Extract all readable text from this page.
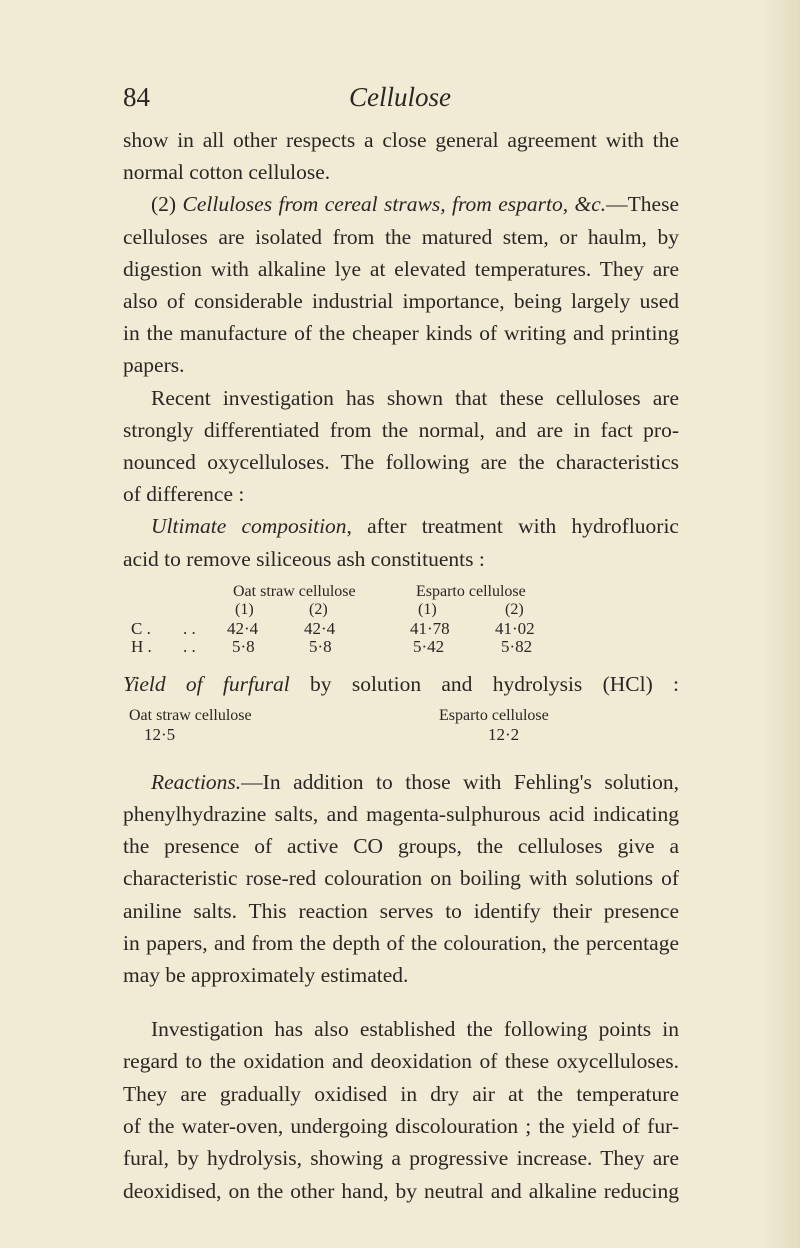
84	Cellulose

show in all other respects a close general agreement with the
normal cotton cellulose.

(2) Celluloses from cereal straws, from esparto, &c.—These
celluloses are isolated from the matured stem, or haulm, by
digestion with alkaline lye at elevated temperatures. They are
also of considerable industrial importance, being largely used
in the manufacture of the cheaper kinds of writing and printing
papers.

Recent investigation has shown that these celluloses are
strongly differentiated from the normal, and are in fact pro-
nounced oxycelluloses. The following are the characteristics
of difference :

Ultimate composition, after treatment with hydrofluoric
acid to remove siliceous ash constituents :

Oat straw cellulose	Esparto cellulose
(1)	(2)	(1)	(2)
C . . . 42·4	42·4	41·78	41·02
H . . . 5·8	5·8	5·42	5·82
Yield of furfural by solution and hydrolysis (HCl) :
Oat straw cellulose	Esparto cellulose
12·5	12·2

Reactions.—In addition to those with Fehling's solution,
phenylhydrazine salts, and magenta-sulphurous acid indicating
the presence of active CO groups, the celluloses give a
characteristic rose-red colouration on boiling with solutions of
aniline salts. This reaction serves to identify their presence
in papers, and from the depth of the colouration, the percentage
may be approximately estimated.

Investigation has also established the following points in
regard to the oxidation and deoxidation of these oxycelluloses.
They are gradually oxidised in dry air at the temperature
of the water-oven, undergoing discolouration ; the yield of fur-
fural, by hydrolysis, showing a progressive increase. They are
deoxidised, on the other hand, by neutral and alkaline reducing
